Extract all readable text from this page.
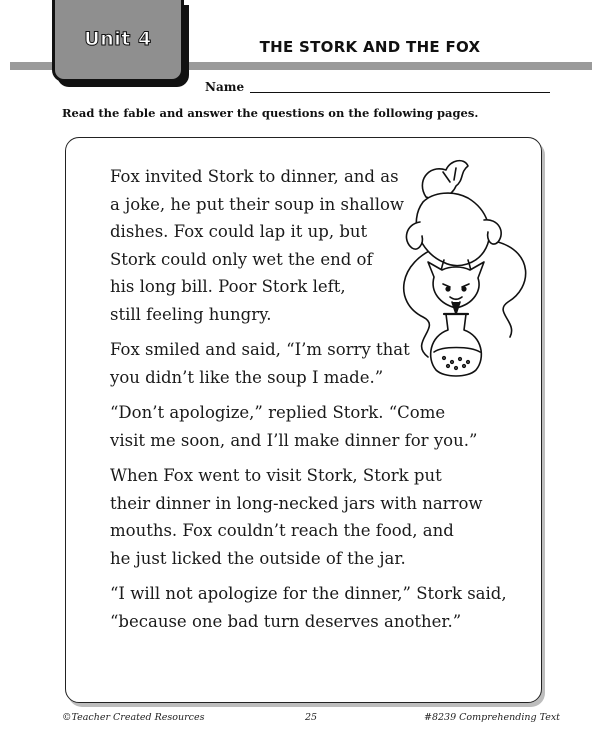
Unit 4	THE STORK AND THE FOX
Name
Read the fable and answer the questions on the following pages.

Fox invited Stork to dinner, and as
a joke, he put their soup in shallow
dishes. Fox could lap it up, but
Stork could only wet the end of
his long bill. Poor Stork left,
still feeling hungry.

Fox smiled and said, “I’m sorry that
you didn’t like the soup I made.”

“Don’t apologize,” replied Stork. “Come
visit me soon, and I’ll make dinner for you.”

When Fox went to visit Stork, Stork put
their dinner in long-necked jars with narrow
mouths. Fox couldn’t reach the food, and
he just licked the outside of the jar.

“I will not apologize for the dinner,” Stork said,
“because one bad turn deserves another.”

©Teacher Created Resources	25	#8239 Comprehending Text
